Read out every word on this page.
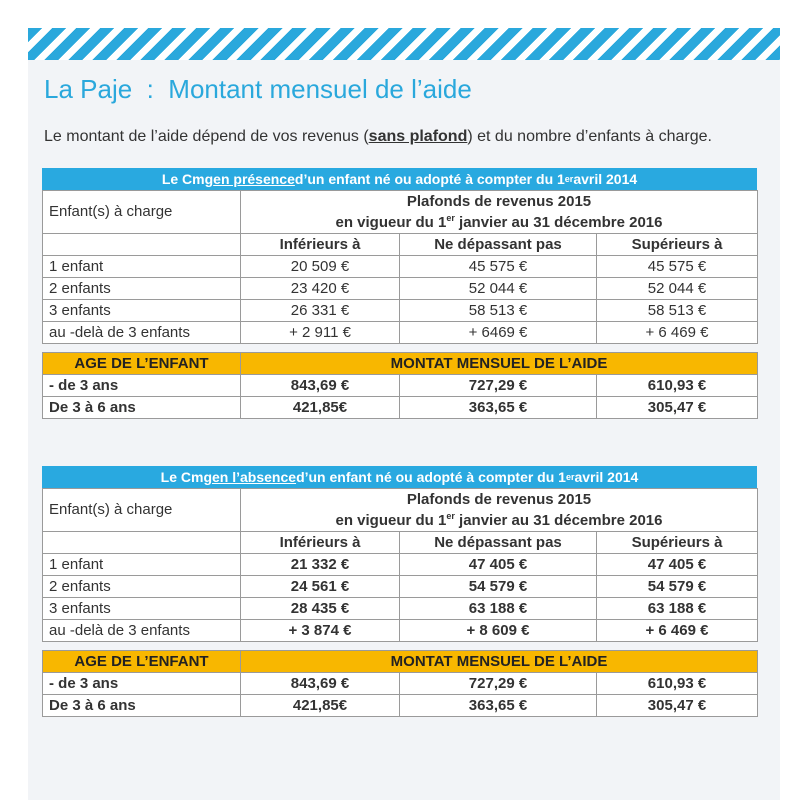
La Paje  :  Montant mensuel de l’aide
Le montant de l’aide dépend de vos revenus (sans plafond) et du nombre d’enfants à charge.
Le Cmg en présence d’un enfant né ou adopté à compter du 1 er avril 2014
Enfant(s) à charge	Plafonds de revenus 2015		
	en vigueur du 1er janvier au 31 décembre 2016		
	Inférieurs à	Ne dépassant pas	Supérieurs à
1 enfant	20 509 €	45 575 €	45 575 €
2 enfants	23 420 €	52 044 €	52 044 €
3 enfants	26 331 €	58 513 €	58 513 €
au -delà de 3 enfants	+ 2 911 €	+ 6469 €	+ 6 469 €
AGE DE L’ENFANT	MONTAT MENSUEL DE L’AIDE		
- de 3 ans	843,69 €	727,29 €	610,93 €
De 3 à 6 ans	421,85€	363,65 €	305,47 €
Le Cmg en l’absence d’un enfant né ou adopté à compter du 1 er avril 2014
Enfant(s) à charge	Plafonds de revenus 2015		
	en vigueur du 1er janvier au 31 décembre 2016		
	Inférieurs à	Ne dépassant pas	Supérieurs à
1 enfant	21 332 €	47 405 €	47 405 €
2 enfants	24 561 €	54 579 €	54 579 €
3 enfants	28 435 €	63 188 €	63 188 €
au -delà de 3 enfants	+ 3 874 €	+ 8 609 €	+ 6 469 €
AGE DE L’ENFANT	MONTAT MENSUEL DE L’AIDE		
- de 3 ans	843,69 €	727,29 €	610,93 €
De 3 à 6 ans	421,85€	363,65 €	305,47 €
